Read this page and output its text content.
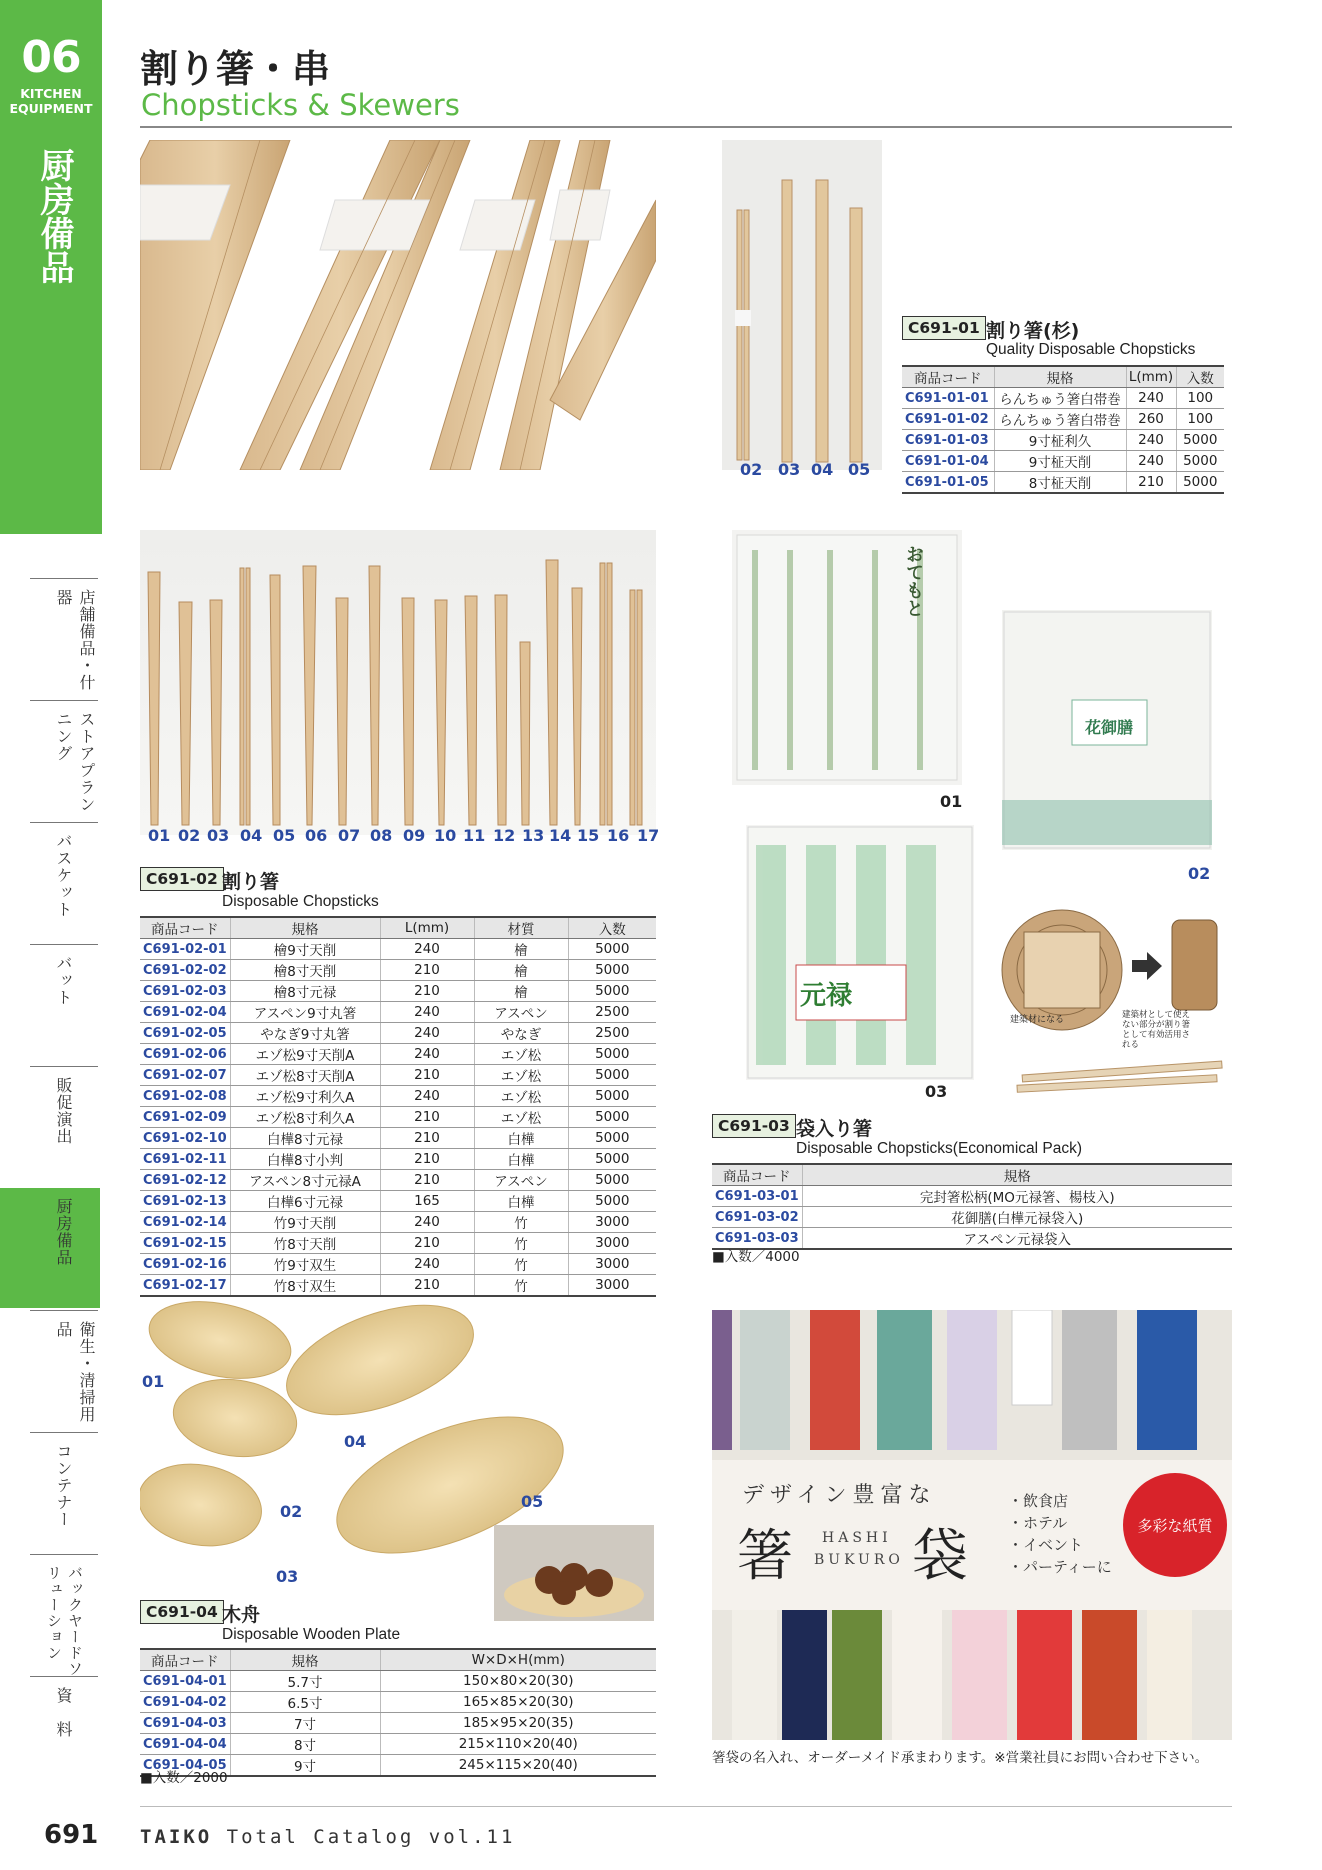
06
KITCHEN
EQUIPMENT
厨房備品
店舗備品・什器
ストアプランニング
バスケット
バット
販促演出
厨房備品
衛生・清掃用品
コンテナー
バックヤードソリューション
資　料
割り箸・串
Chopsticks & Skewers
02 03 04 05
C691-01 割り箸(杉)
Quality Disposable Chopsticks
商品コード	規格	L(mm)	入数
C691-01-01	らんちゅう箸白帯巻	240	100
C691-01-02	らんちゅう箸白帯巻	260	100
C691-01-03	9寸柾利久	240	5000
C691-01-04	9寸柾天削	240	5000
C691-01-05	8寸柾天削	210	5000
01 02 03 04 05 06 07 08 09 10 11 12 13 14 15 16 17
C691-02 割り箸
Disposable Chopsticks
商品コード	規格	L(mm)	材質	入数
C691-02-01	檜9寸天削	240	檜	5000
C691-02-02	檜8寸天削	210	檜	5000
C691-02-03	檜8寸元禄	210	檜	5000
C691-02-04	アスペン9寸丸箸	240	アスペン	2500
C691-02-05	やなぎ9寸丸箸	240	やなぎ	2500
C691-02-06	エゾ松9寸天削A	240	エゾ松	5000
C691-02-07	エゾ松8寸天削A	210	エゾ松	5000
C691-02-08	エゾ松9寸利久A	240	エゾ松	5000
C691-02-09	エゾ松8寸利久A	210	エゾ松	5000
C691-02-10	白樺8寸元禄	210	白樺	5000
C691-02-11	白樺8寸小判	210	白樺	5000
C691-02-12	アスペン8寸元禄A	210	アスペン	5000
C691-02-13	白樺6寸元禄	165	白樺	5000
C691-02-14	竹9寸天削	240	竹	3000
C691-02-15	竹8寸天削	210	竹	3000
C691-02-16	竹9寸双生	240	竹	3000
C691-02-17	竹8寸双生	210	竹	3000
おてもと
01
花御膳
02
元禄
03
建築材になる	建築材として使えない部分が割り箸として有効活用される
C691-03 袋入り箸
Disposable Chopsticks(Economical Pack)
商品コード	規格
C691-03-01	完封箸松柄(MO元禄箸、楊枝入)
C691-03-02	花御膳(白樺元禄袋入)
C691-03-03	アスペン元禄袋入
■入数／4000
01
02
03
04
05
C691-04 木舟
Disposable Wooden Plate
商品コード	規格	W×D×H(mm)
C691-04-01	5.7寸	150×80×20(30)
C691-04-02	6.5寸	165×85×20(30)
C691-04-03	7寸	185×95×20(35)
C691-04-04	8寸	215×110×20(40)
C691-04-05	9寸	245×115×20(40)
■入数／2000
デザイン豊富な
箸 袋
HASHI
BUKURO
・飲食店
・ホテル
・イベント
・パーティーに
多彩な紙質
箸袋の名入れ、オーダーメイド承まわります。※営業社員にお問い合わせ下さい。
691 TAIKO Total Catalog vol.11
